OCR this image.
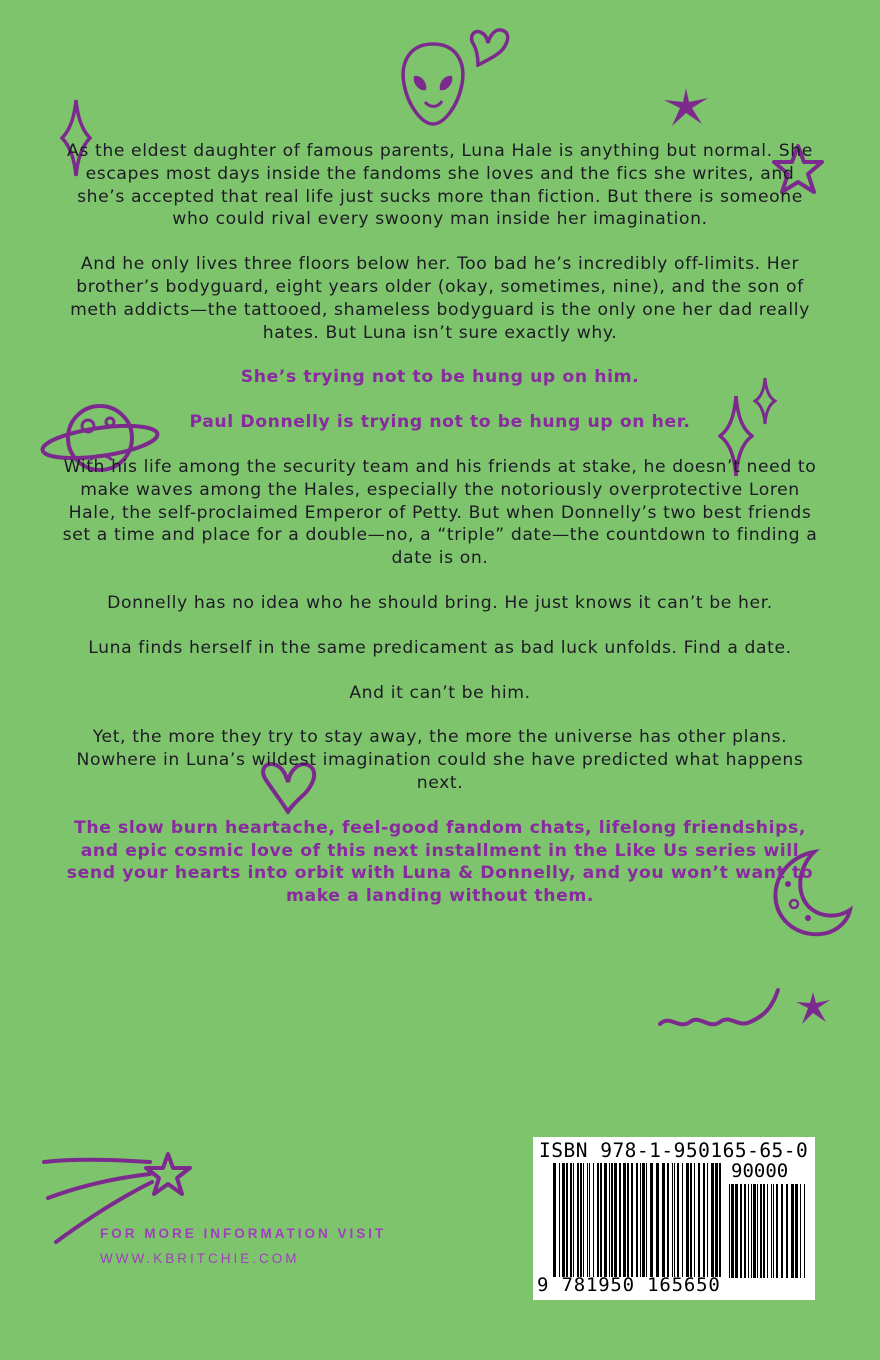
As the eldest daughter of famous parents, Luna Hale is anything but normal. She escapes most days inside the fandoms she loves and the fics she writes, and she’s accepted that real life just sucks more than fiction. But there is someone who could rival every swoony man inside her imagination.

And he only lives three floors below her. Too bad he’s incredibly off-limits. Her brother’s bodyguard, eight years older (okay, sometimes, nine), and the son of meth addicts—the tattooed, shameless bodyguard is the only one her dad really hates. But Luna isn’t sure exactly why.

She’s trying not to be hung up on him.

Paul Donnelly is trying not to be hung up on her.

With his life among the security team and his friends at stake, he doesn’t need to make waves among the Hales, especially the notoriously overprotective Loren Hale, the self-proclaimed Emperor of Petty. But when Donnelly’s two best friends set a time and place for a double—no, a “triple” date—the countdown to finding a date is on.

Donnelly has no idea who he should bring. He just knows it can’t be her.

Luna finds herself in the same predicament as bad luck unfolds. Find a date.

And it can’t be him.

Yet, the more they try to stay away, the more the universe has other plans. Nowhere in Luna’s wildest imagination could she have predicted what happens next.

The slow burn heartache, feel-good fandom chats, lifelong friendships, and epic cosmic love of this next installment in the Like Us series will send your hearts into orbit with Luna & Donnelly, and you won’t want to make a landing without them.

FOR MORE INFORMATION VISIT
WWW.KBRITCHIE.COM
ISBN 978-1-950165-65-0
90000
9 781950 165650
